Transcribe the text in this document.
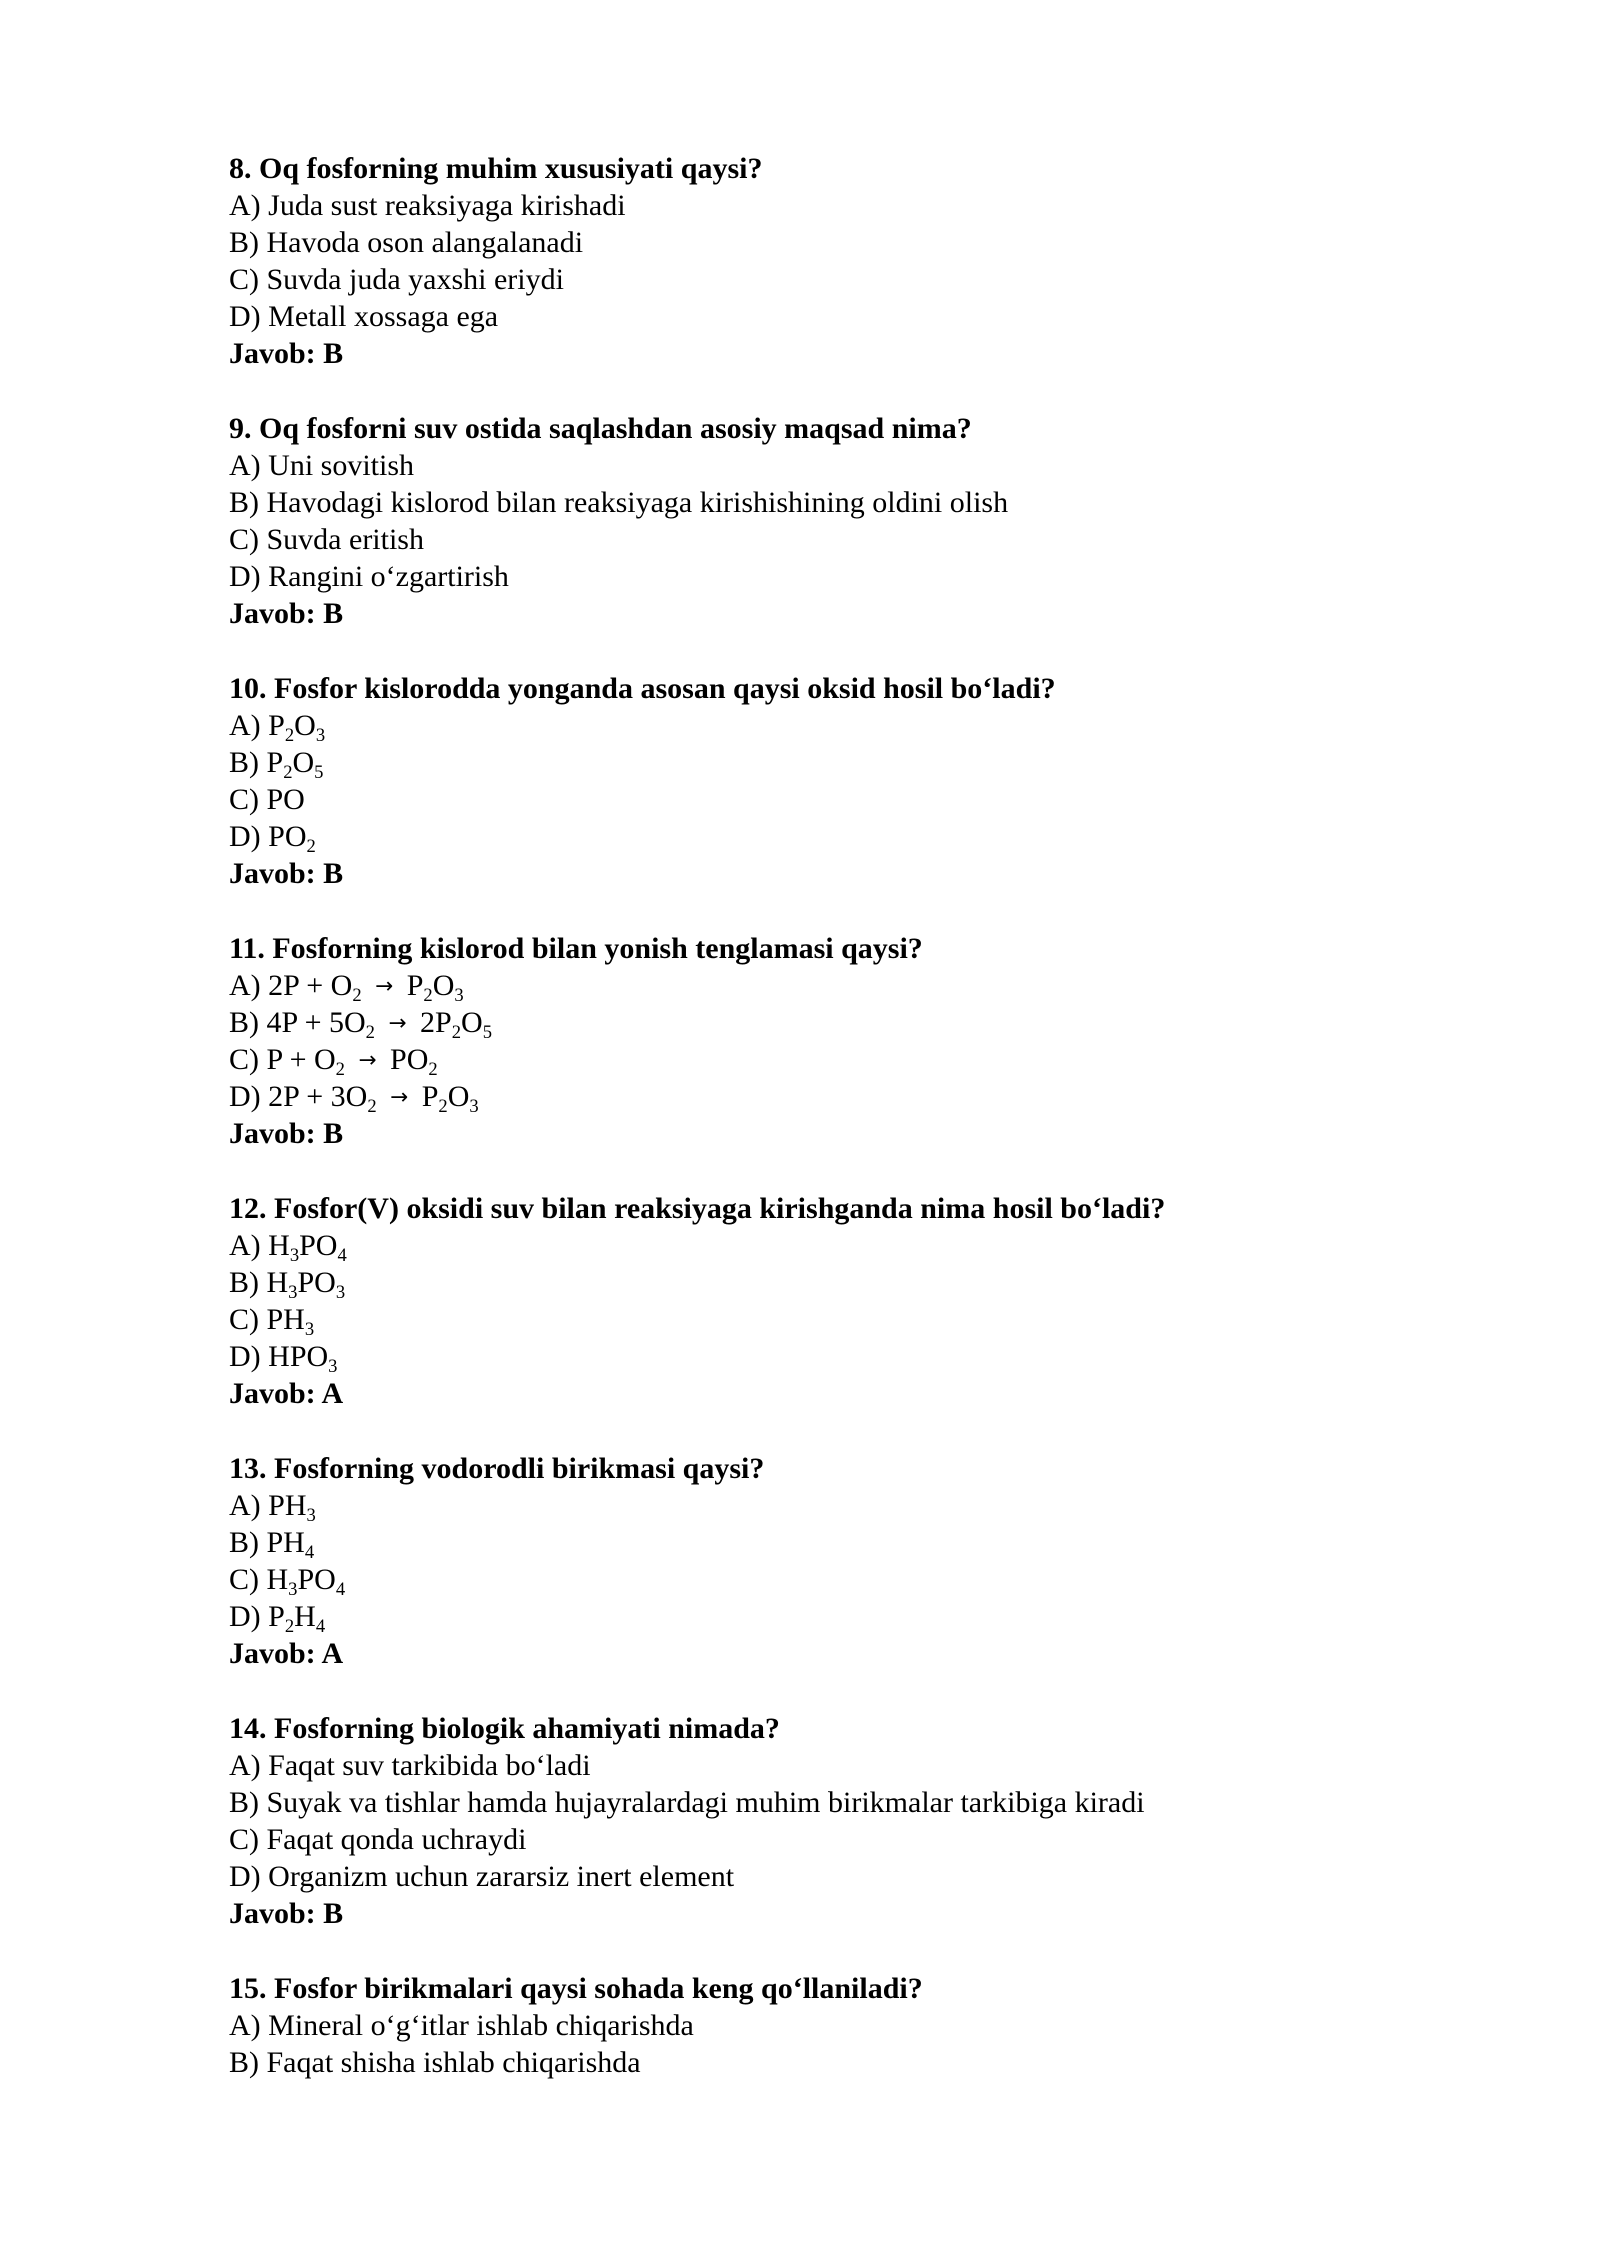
8. Oq fosforning muhim xususiyati qaysi?
A) Juda sust reaksiyaga kirishadi
B) Havoda oson alangalanadi
C) Suvda juda yaxshi eriydi
D) Metall xossaga ega
Javob: B
9. Oq fosforni suv ostida saqlashdan asosiy maqsad nima?
A) Uni sovitish
B) Havodagi kislorod bilan reaksiyaga kirishishining oldini olish
C) Suvda eritish
D) Rangini o‘zgartirish
Javob: B
10. Fosfor kislorodda yonganda asosan qaysi oksid hosil bo‘ladi?
A) $P_2O_3$
B) $P_2O_5$
C) PO
D) $PO_2$
Javob: B
11. Fosforning kislorod bilan yonish tenglamasi qaysi?
A) $2P + O_2 \to P_2O_3$
B) $4P + 5O_2 \to 2P_2O_5$
C) $P + O_2 \to PO_2$
D) $2P + 3O_2 \to P_2O_3$
Javob: B
12. Fosfor(V) oksidi suv bilan reaksiyaga kirishganda nima hosil bo‘ladi?
A) $H_3PO_4$
B) $H_3PO_3$
C) $PH_3$
D) $HPO_3$
Javob: A
13. Fosforning vodorodli birikmasi qaysi?
A) $PH_3$
B) $PH_4$
C) $H_3PO_4$
D) $P_2H_4$
Javob: A
14. Fosforning biologik ahamiyati nimada?
A) Faqat suv tarkibida bo‘ladi
B) Suyak va tishlar hamda hujayralardagi muhim birikmalar tarkibiga kiradi
C) Faqat qonda uchraydi
D) Organizm uchun zararsiz inert element
Javob: B
15. Fosfor birikmalari qaysi sohada keng qo‘llaniladi?
A) Mineral o‘g‘itlar ishlab chiqarishda
B) Faqat shisha ishlab chiqarishda
